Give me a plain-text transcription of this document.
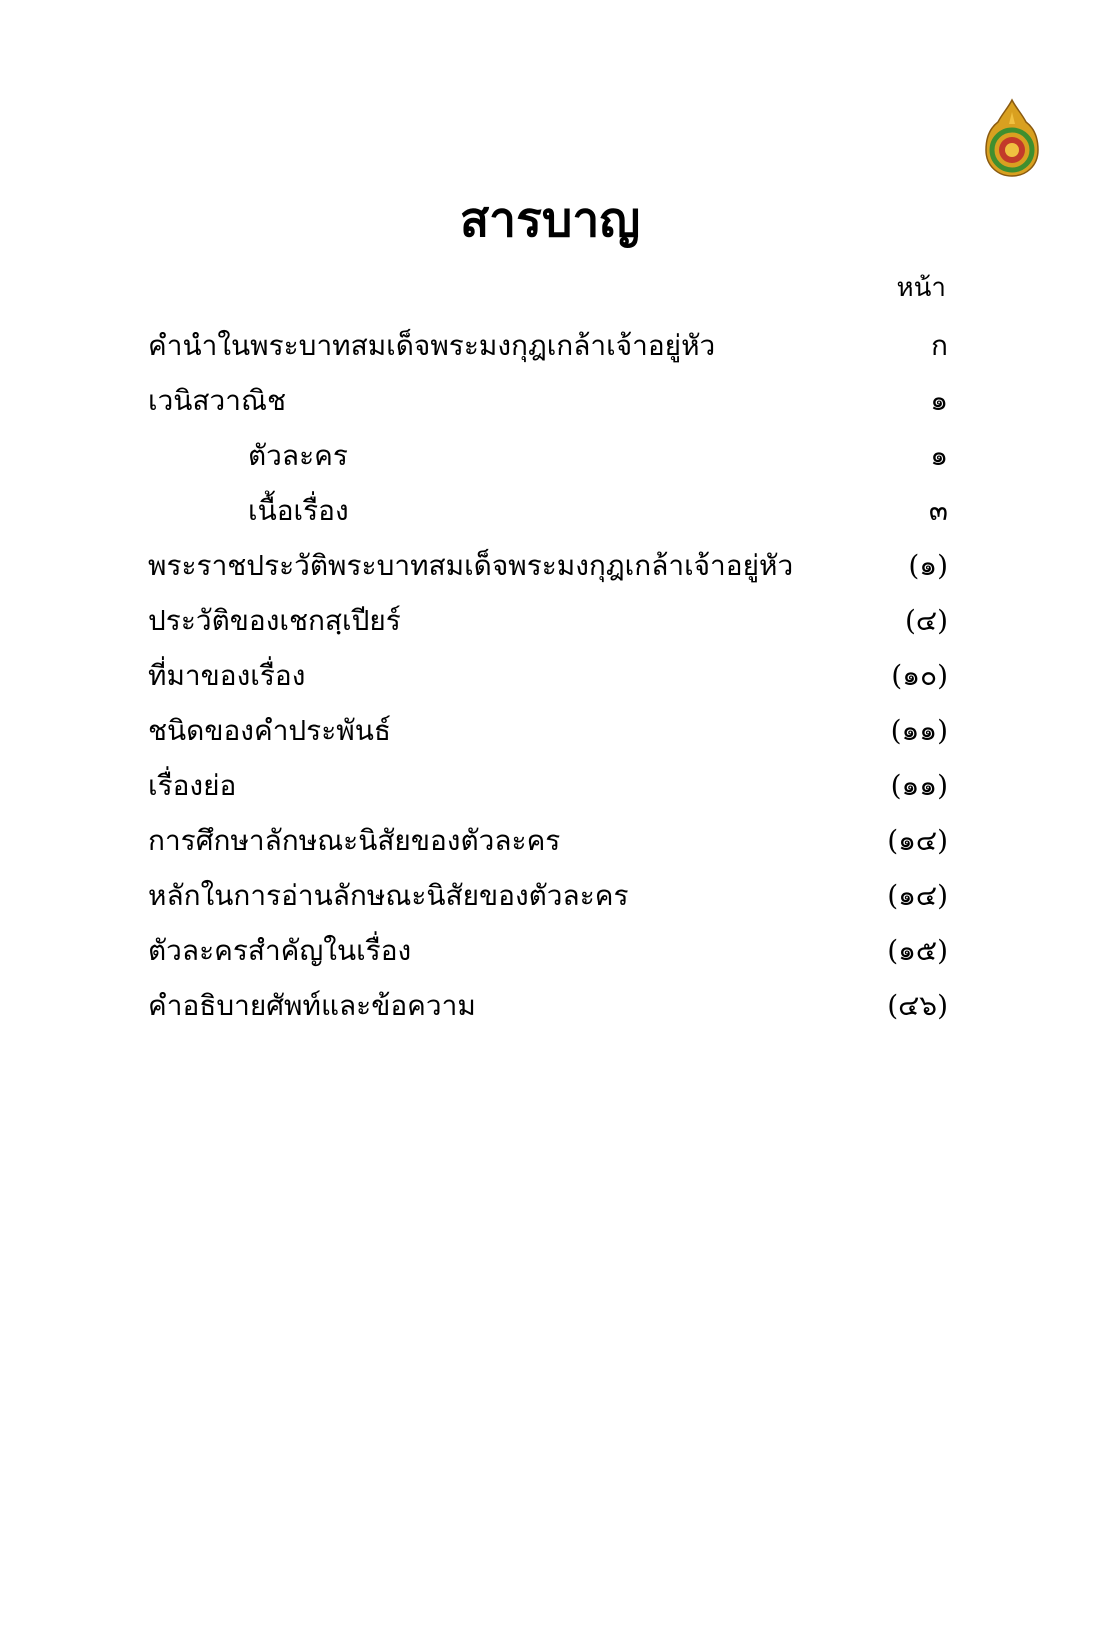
สารบาญ
หน้า
คำนำในพระบาทสมเด็จพระมงกุฎเกล้าเจ้าอยู่หัว	ก
เวนิสวาณิช	๑
ตัวละคร	๑
เนื้อเรื่อง	๓
พระราชประวัติพระบาทสมเด็จพระมงกุฎเกล้าเจ้าอยู่หัว	(๑)
ประวัติของเชกสฺเปียร์	(๔)
ที่มาของเรื่อง	(๑๐)
ชนิดของคำประพันธ์	(๑๑)
เรื่องย่อ	(๑๑)
การศึกษาลักษณะนิสัยของตัวละคร	(๑๔)
หลักในการอ่านลักษณะนิสัยของตัวละคร	(๑๔)
ตัวละครสำคัญในเรื่อง	(๑๕)
คำอธิบายศัพท์และข้อความ	(๔๖)
